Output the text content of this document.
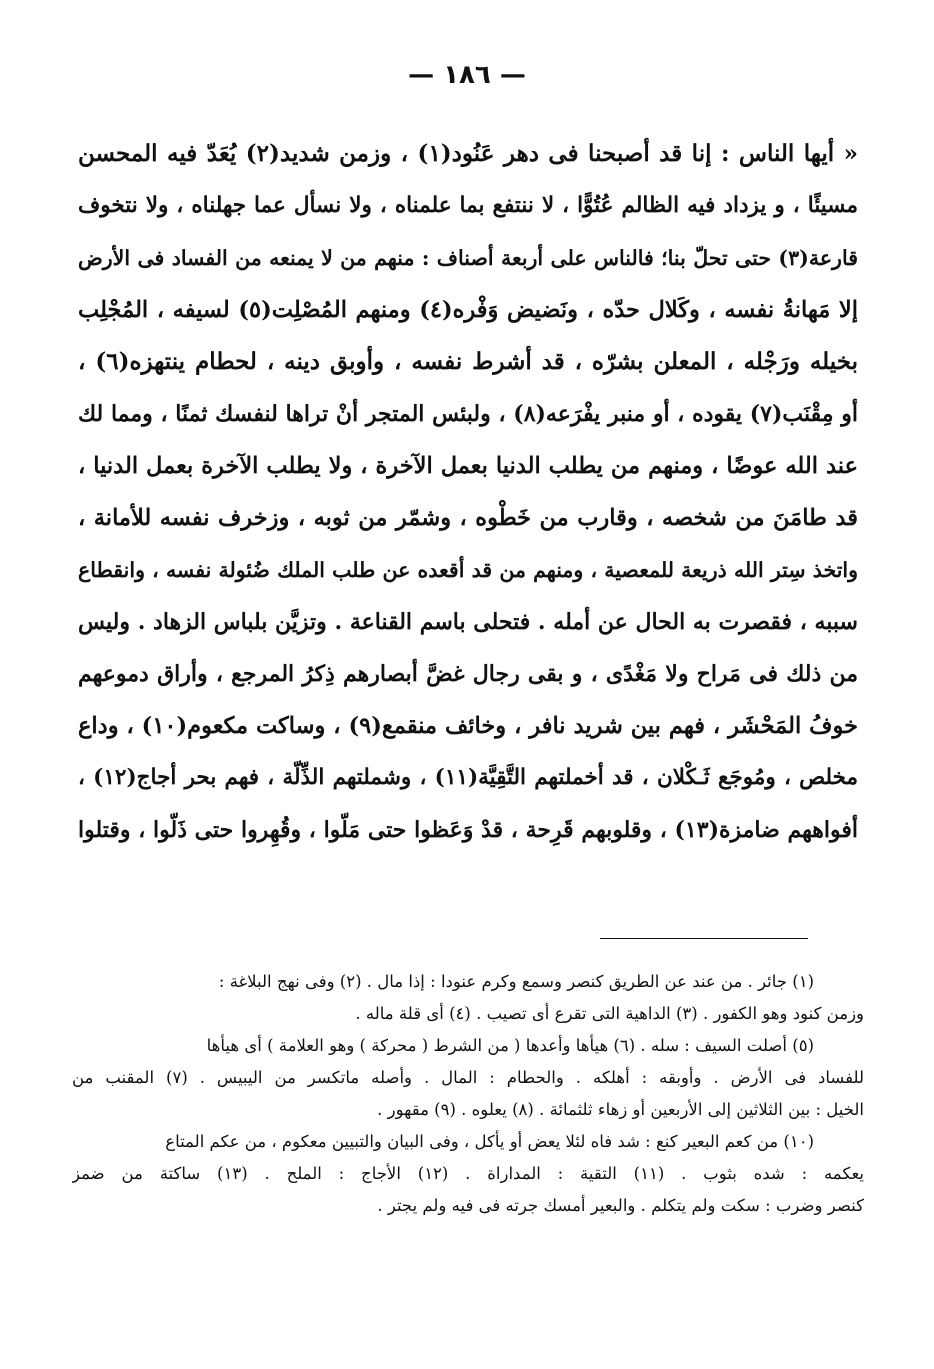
— ١٨٦ —
« أيها الناس : إنا قد أصبحنا فى دهر عَنُود(١) ، وزمن شديد(٢) يُعَدّ فيه المحسن
مسيئًا ، و يزداد فيه الظالم عُتُوًّا ، لا ننتفع بما علمناه ، ولا نسأل عما جهلناه ، ولا نتخوف
قارعة(٣) حتى تحلّ بنا؛ فالناس على أربعة أصناف : منهم من لا يمنعه من الفساد فى الأرض
إلا مَهانةُ نفسه ، وكَلال حدّه ، ونَضيض وَفْره(٤) ومنهم المُصْلِت(٥) لسيفه ، المُجْلِب
بخيله ورَجْله ، المعلن بشرّه ، قد أشرط نفسه ، وأوبق دينه ، لحطام ينتهزه(٦) ،
أو مِقْنَب(٧) يقوده ، أو منبر يفْرَعه(٨) ، ولبئس المتجر أنْ تراها لنفسك ثمنًا ، ومما لك
عند الله عوضًا ، ومنهم من يطلب الدنيا بعمل الآخرة ، ولا يطلب الآخرة بعمل الدنيا ،
قد طامَنَ من شخصه ، وقارب من خَطْوه ، وشمّر من ثوبه ، وزخرف نفسه للأمانة ،
واتخذ سِتر الله ذريعة للمعصية ، ومنهم من قد أقعده عن طلب الملك ضُئولة نفسه ، وانقطاع
سببه ، فقصرت به الحال عن أمله . فتحلى باسم القناعة . وتزيَّن بلباس الزهاد . وليس
من ذلك فى مَراح ولا مَغْدًى ، و بقى رجال غضَّ أبصارهم ذِكرُ المرجع ، وأراق دموعهم
خوفُ المَحْشَر ، فهم بين شريد نافر ، وخائف منقمع(٩) ، وساكت مكعوم(١٠) ، وداع
مخلص ، ومُوجَع ثَـكْلان ، قد أخملتهم التَّقِيَّة(١١) ، وشملتهم الذِّلّة ، فهم بحر أجاج(١٢) ،
أفواههم ضامزة(١٣) ، وقلوبهم قَرِحة ، قدْ وَعَظوا حتى مَلّوا ، وقُهِروا حتى ذَلّوا ، وقتلوا
(١) جائر . من عند عن الطريق كنصر وسمع وكرم عنودا : إذا مال . (٢) وفى نهج البلاغة :
وزمن كنود وهو الكفور . (٣) الداهية التى تقرع أى تصيب . (٤) أى قلة ماله .
(٥) أصلت السيف : سله . (٦) هيأها وأعدها ( من الشرط ( محركة ) وهو العلامة ) أى هيأها
للفساد فى الأرض . وأوبقه : أهلكه . والحطام : المال . وأصله ماتكسر من اليبيس . (٧) المقنب من
الخيل : بين الثلاثين إلى الأربعين أو زهاء ثلثمائة . (٨) يعلوه . (٩) مقهور .
(١٠) من كعم البعير كنع : شد فاه لئلا يعض أو يأكل ، وفى البيان والتبيين معكوم ، من عكم المتاع
يعكمه : شده بثوب . (١١) التقية : المداراة . (١٢) الأجاج : الملح . (١٣) ساكتة من ضمز
كنصر وضرب : سكت ولم يتكلم . والبعير أمسك جرته فى فيه ولم يجتر .
